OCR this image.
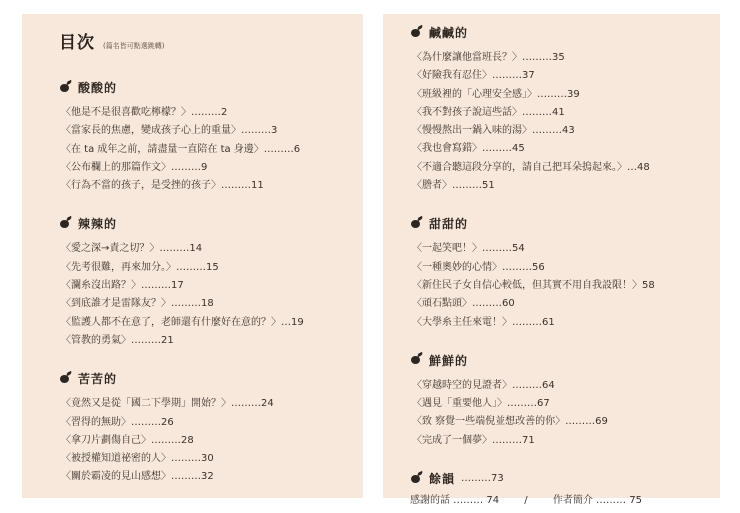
目次 (篇名皆可點選跳轉)
酸酸的
〈他是不是很喜歡吃檸檬？〉………2
〈當家長的焦慮，變成孩子心上的重量〉………3
〈在 ta 成年之前，請盡量一直陪在 ta 身邊〉………6
〈公布欄上的那篇作文〉………9
〈行為不當的孩子，是受挫的孩子〉………11
辣辣的
〈愛之深→責之切？〉………14
〈先考很難，再來加分。〉………15
〈瀾糸沒出路？〉………17
〈到底誰才是雷隊友？〉………18
〈監護人都不在意了，老師還有什麼好在意的？〉…19
〈管教的勇氣〉………21
苦苦的
〈竟然又是從「國二下學期」開始？〉………24
〈習得的無助〉………26
〈拿刀片劃傷自己〉………28
〈被授權知道祕密的人〉………30
〈關於霸凌的見山感想〉………32
鹹鹹的
〈為什麼讓他當班長？〉………35
〈好險我有忍住〉………37
〈班級裡的「心理安全感」〉………39
〈我不對孩子說這些話〉………41
〈慢慢熬出一鍋入味的湯〉………43
〈我也會寫錯〉………45
〈不適合聽這段分享的，請自己把耳朵摀起來。〉…48
〈謄者〉………51
甜甜的
〈一起笑吧！〉………54
〈一種奧妙的心情〉………56
〈新住民子女自信心較低，但其實不用自我設限！〉58
〈頑石點頭〉………60
〈大學糸主任來電！〉………61
鮮鮮的
〈穿越時空的見證者〉………64
〈遇見「重要他人」〉………67
〈致 察覺一些端倪並想改善的你〉………69
〈完成了一個夢〉………71
餘韻 ………73
感謝的話 ……… 74	/	作者簡介 ……… 75
